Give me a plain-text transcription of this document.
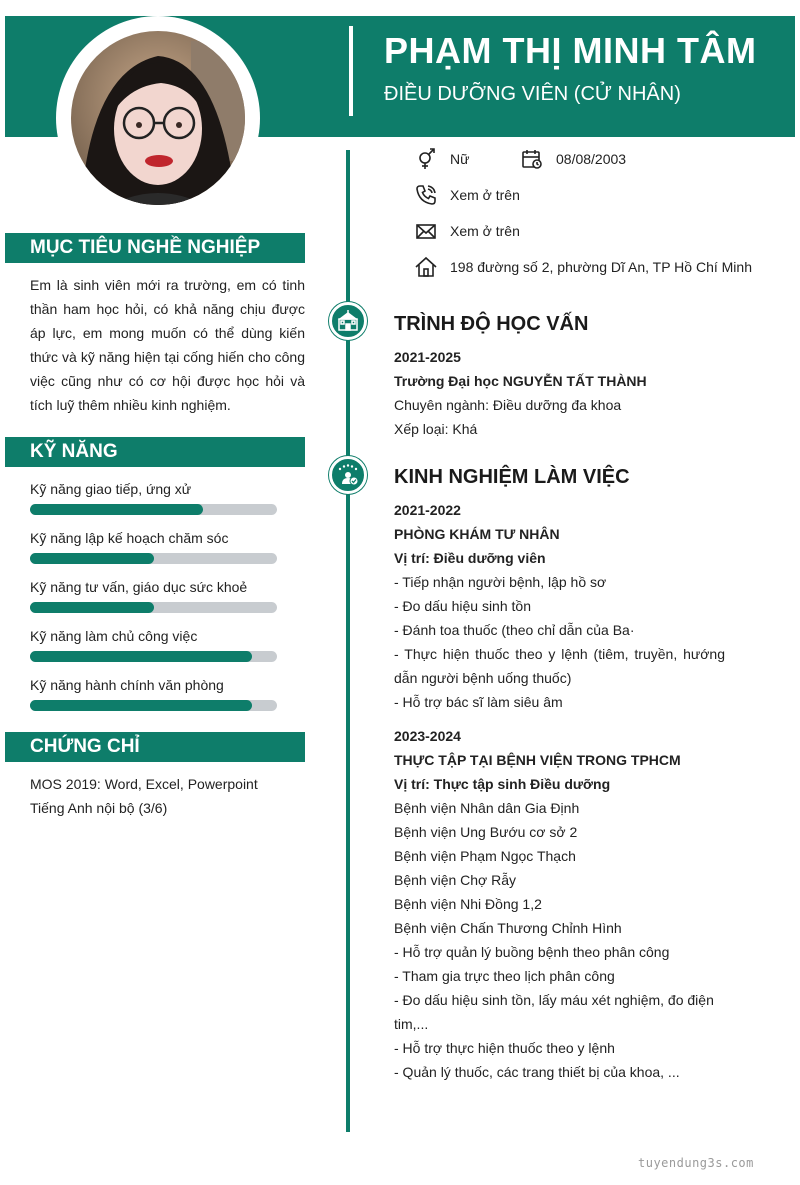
PHẠM THỊ MINH TÂM
ĐIỀU DƯỠNG VIÊN (CỬ NHÂN)
Nữ	08/08/2003
Xem ở trên
Xem ở trên
198 đường số 2, phường Dĩ An, TP Hồ Chí Minh
MỤC TIÊU NGHỀ NGHIỆP
Em là sinh viên mới ra trường, em có tinh thần ham học hỏi, có khả năng chịu được áp lực, em mong muốn có thể dùng kiến thức và kỹ năng hiện tại cống hiến cho công việc cũng như có cơ hội được học hỏi và tích luỹ thêm nhiều kinh nghiệm.
KỸ NĂNG
Kỹ năng giao tiếp, ứng xử
Kỹ năng lập kế hoạch chăm sóc
Kỹ năng tư vấn, giáo dục sức khoẻ
Kỹ năng làm chủ công việc
Kỹ năng hành chính văn phòng
CHỨNG CHỈ
MOS 2019: Word, Excel, Powerpoint
Tiếng Anh nội bộ (3/6)
TRÌNH ĐỘ HỌC VẤN
2021-2025
Trường Đại học NGUYỄN TẤT THÀNH
Chuyên ngành: Điều dưỡng đa khoa
Xếp loại: Khá
KINH NGHIỆM LÀM VIỆC
2021-2022
PHÒNG KHÁM TƯ NHÂN
Vị trí: Điều dưỡng viên
- Tiếp nhận người bệnh, lập hồ sơ
- Đo dấu hiệu sinh tồn
- Đánh toa thuốc (theo chỉ dẫn của Ba·
- Thực hiện thuốc theo y lệnh (tiêm, truyền, hướng dẫn người bệnh uống thuốc)
- Hỗ trợ bác sĩ làm siêu âm
2023-2024
THỰC TẬP TẠI BỆNH VIỆN TRONG TPHCM
Vị trí: Thực tập sinh Điều dưỡng
Bệnh viện Nhân dân Gia Định
Bệnh viện Ung Bướu cơ sở 2
Bệnh viện Phạm Ngọc Thạch
Bệnh viện Chợ Rẫy
Bệnh viện Nhi Đồng 1,2
Bệnh viện Chấn Thương Chỉnh Hình
- Hỗ trợ quản lý buồng bệnh theo phân công
- Tham gia trực theo lịch phân công
- Đo dấu hiệu sinh tồn, lấy máu xét nghiệm, đo điện tim,...
- Hỗ trợ thực hiện thuốc theo y lệnh
- Quản lý thuốc, các trang thiết bị của khoa, ...
tuyendung3s.com
